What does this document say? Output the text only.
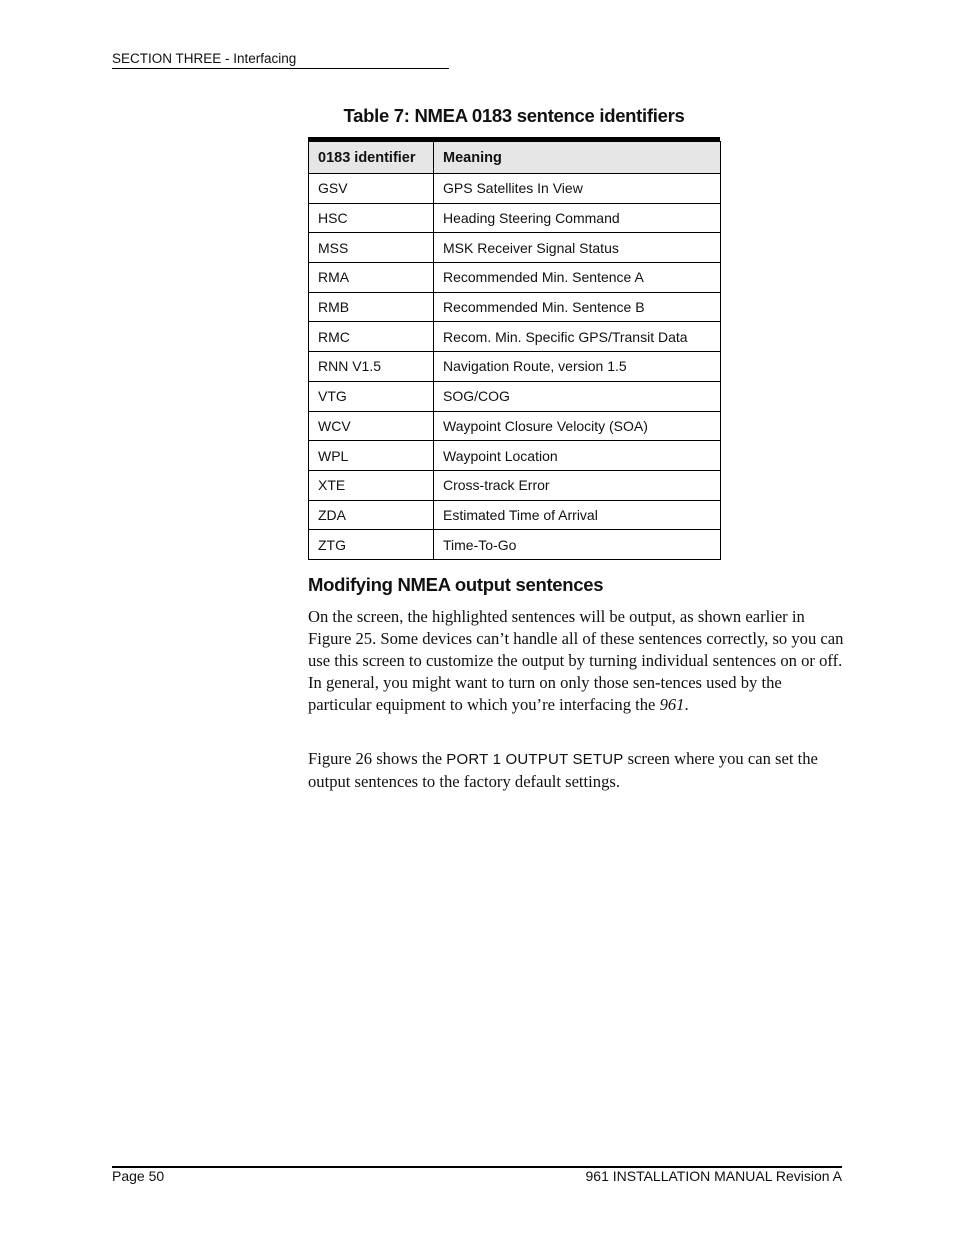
SECTION THREE - Interfacing
Table 7: NMEA 0183 sentence identifiers
0183 identifier	Meaning
GSV	GPS Satellites In View
HSC	Heading Steering Command
MSS	MSK Receiver Signal Status
RMA	Recommended Min. Sentence A
RMB	Recommended Min. Sentence B
RMC	Recom. Min. Specific GPS/Transit Data
RNN V1.5	Navigation Route, version 1.5
VTG	SOG/COG
WCV	Waypoint Closure Velocity (SOA)
WPL	Waypoint Location
XTE	Cross-track Error
ZDA	Estimated Time of Arrival
ZTG	Time-To-Go
Modifying NMEA output sentences

On the screen, the highlighted sentences will be output, as shown earlier in Figure 25. Some devices can’t handle all of these sentences correctly, so you can use this screen to customize the output by turning individual sentences on or off. In general, you might want to turn on only those sen-tences used by the particular equipment to which you’re interfacing the 961.

Figure 26 shows the PORT 1 OUTPUT SETUP screen where you can set the output sentences to the factory default settings.

Page 50	961 INSTALLATION MANUAL Revision A
